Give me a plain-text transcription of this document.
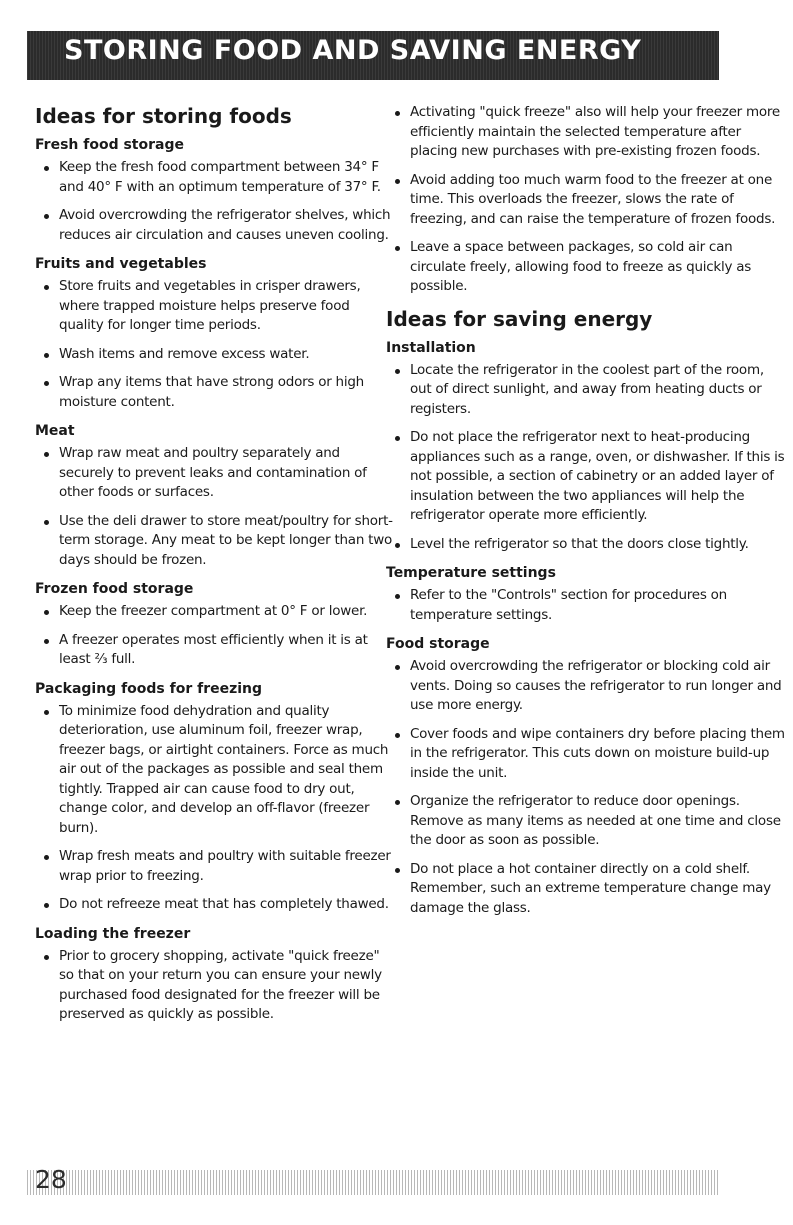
STORING FOOD AND SAVING ENERGY
Ideas for storing foods
Fresh food storage
Keep the fresh food compartment between 34° F and 40° F with an optimum temperature of 37° F.
Avoid overcrowding the refrigerator shelves, which reduces air circulation and causes uneven cooling.
Fruits and vegetables
Store fruits and vegetables in crisper drawers, where trapped moisture helps preserve food quality for longer time periods.
Wash items and remove excess water.
Wrap any items that have strong odors or high moisture content.
Meat
Wrap raw meat and poultry separately and securely to prevent leaks and contamination of other foods or surfaces.
Use the deli drawer to store meat/poultry for short-term storage. Any meat to be kept longer than two days should be frozen.
Frozen food storage
Keep the freezer compartment at 0° F or lower.
A freezer operates most efficiently when it is at least ⅔ full.
Packaging foods for freezing
To minimize food dehydration and quality deterioration, use aluminum foil, freezer wrap, freezer bags, or airtight containers. Force as much air out of the packages as possible and seal them tightly. Trapped air can cause food to dry out, change color, and develop an off-flavor (freezer burn).
Wrap fresh meats and poultry with suitable freezer wrap prior to freezing.
Do not refreeze meat that has completely thawed.
Loading the freezer
Prior to grocery shopping, activate "quick freeze" so that on your return you can ensure your newly purchased food designated for the freezer will be preserved as quickly as possible.
Activating "quick freeze" also will help your freezer more efficiently maintain the selected temperature after placing new purchases with pre-existing frozen foods.
Avoid adding too much warm food to the freezer at one time. This overloads the freezer, slows the rate of freezing, and can raise the temperature of frozen foods.
Leave a space between packages, so cold air can circulate freely, allowing food to freeze as quickly as possible.
Ideas for saving energy
Installation
Locate the refrigerator in the coolest part of the room, out of direct sunlight, and away from heating ducts or registers.
Do not place the refrigerator next to heat-producing appliances such as a range, oven, or dishwasher. If this is not possible, a section of cabinetry or an added layer of insulation between the two appliances will help the refrigerator operate more efficiently.
Level the refrigerator so that the doors close tightly.
Temperature settings
Refer to the "Controls" section for procedures on temperature settings.
Food storage
Avoid overcrowding the refrigerator or blocking cold air vents. Doing so causes the refrigerator to run longer and use more energy.
Cover foods and wipe containers dry before placing them in the refrigerator. This cuts down on moisture build-up inside the unit.
Organize the refrigerator to reduce door openings. Remove as many items as needed at one time and close the door as soon as possible.
Do not place a hot container directly on a cold shelf. Remember, such an extreme temperature change may damage the glass.
28
